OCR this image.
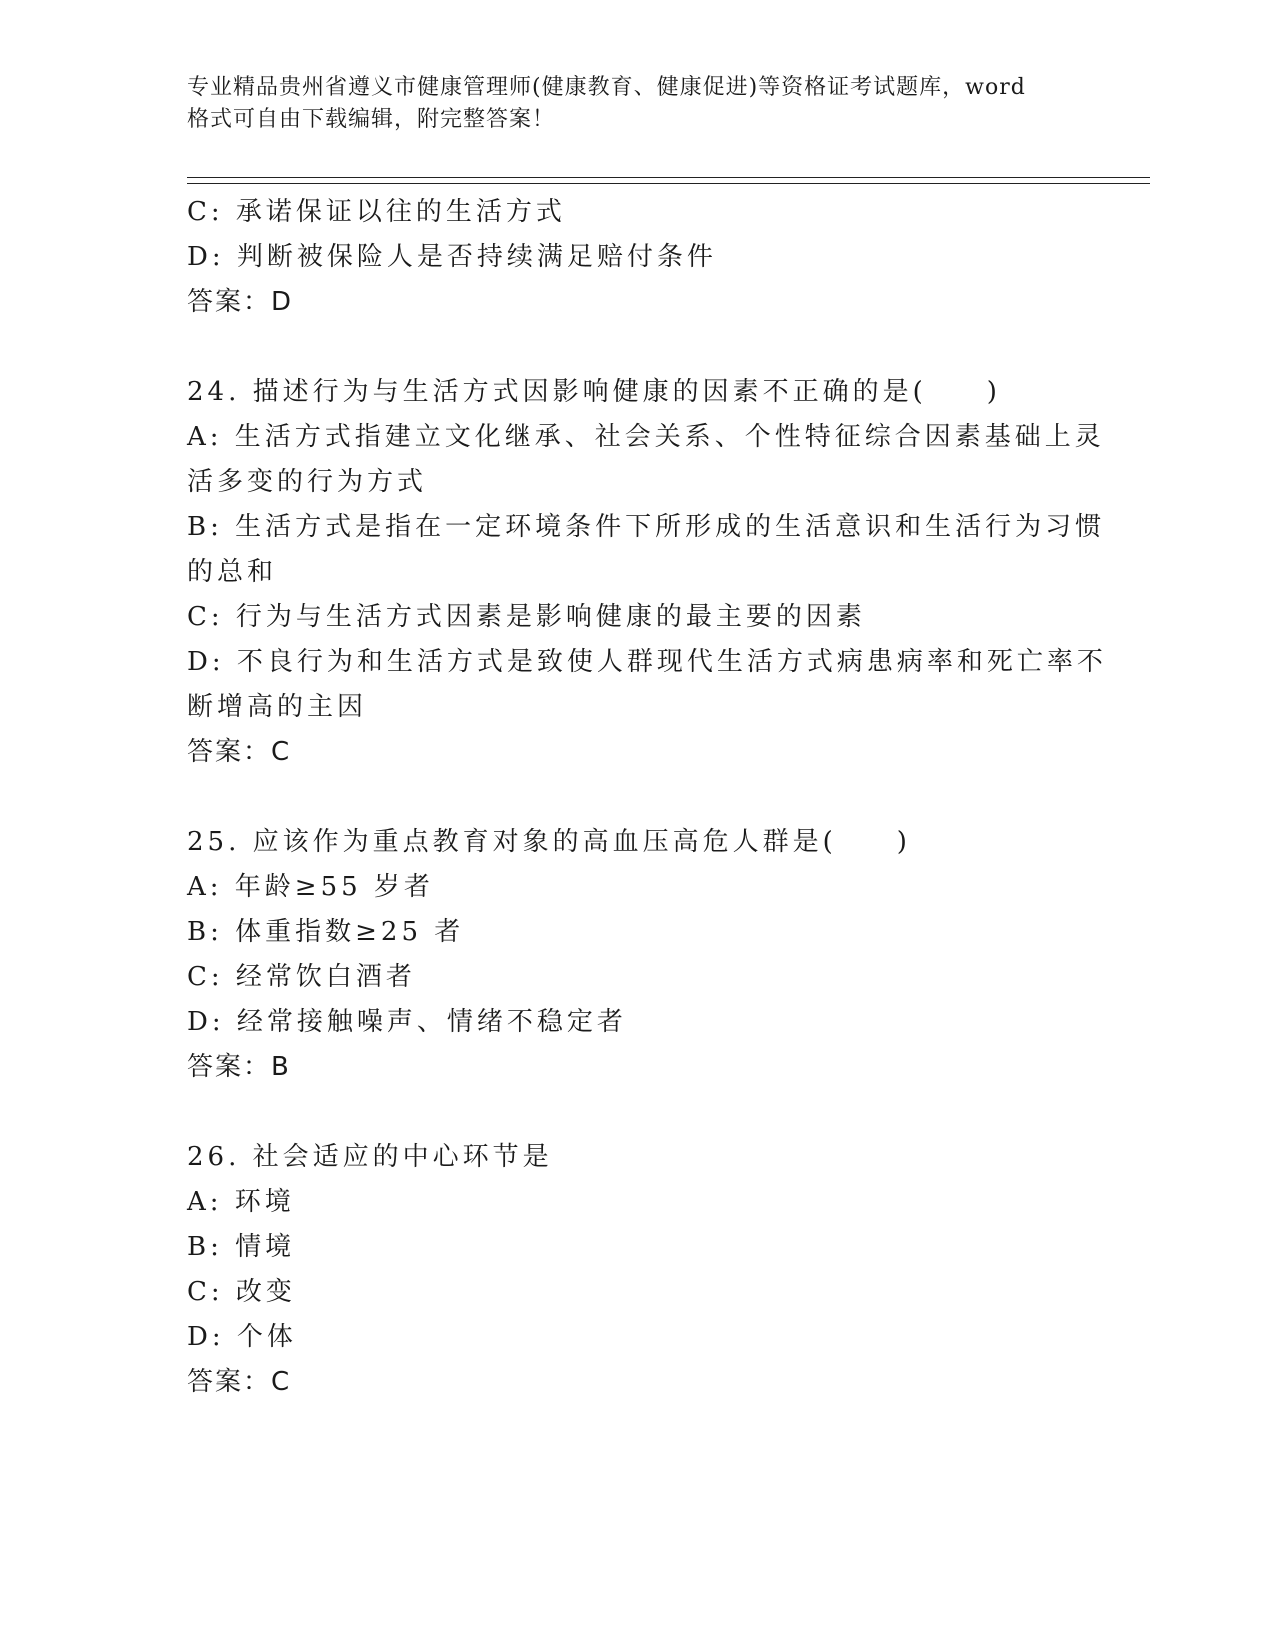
专业精品贵州省遵义市健康管理师(健康教育、健康促进)等资格证考试题库，word
格式可自由下载编辑，附完整答案！
C: 承诺保证以往的生活方式
D: 判断被保险人是否持续满足赔付条件
答案：D
24. 描述行为与生活方式因影响健康的因素不正确的是(　　)
A: 生活方式指建立文化继承、社会关系、个性特征综合因素基础上灵
活多变的行为方式
B: 生活方式是指在一定环境条件下所形成的生活意识和生活行为习惯
的总和
C: 行为与生活方式因素是影响健康的最主要的因素
D: 不良行为和生活方式是致使人群现代生活方式病患病率和死亡率不
断增高的主因
答案：C
25. 应该作为重点教育对象的高血压高危人群是(　　)
A: 年龄≥55 岁者
B: 体重指数≥25 者
C: 经常饮白酒者
D: 经常接触噪声、情绪不稳定者
答案：B
26. 社会适应的中心环节是
A: 环境
B: 情境
C: 改变
D: 个体
答案：C
